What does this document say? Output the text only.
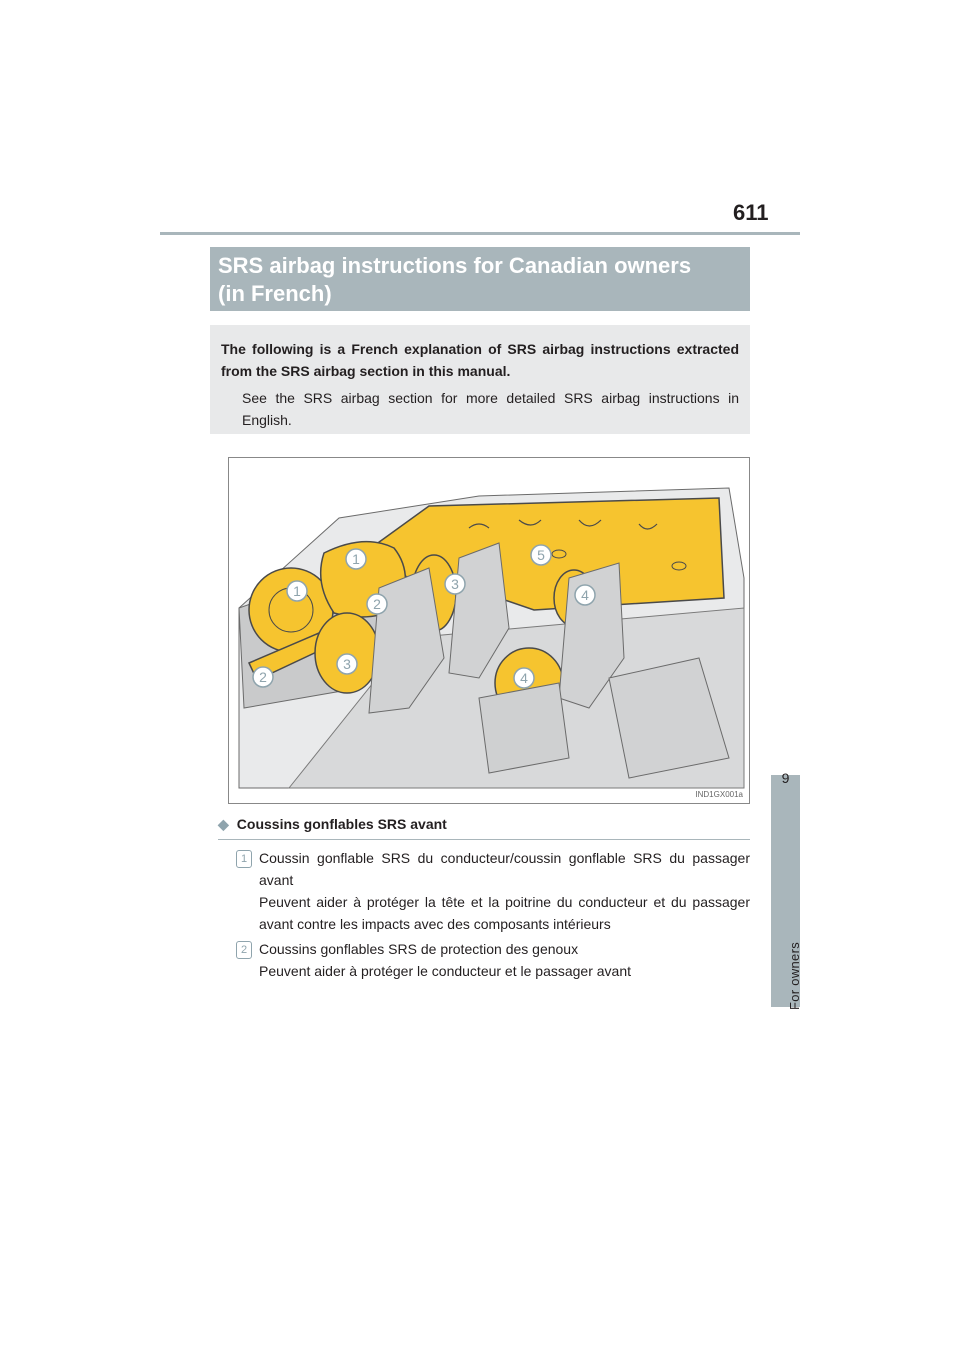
611
9
For owners
SRS airbag instructions for Canadian owners
(in French)
The following is a French explanation of SRS airbag instructions extracted from the SRS airbag section in this manual.
See the SRS airbag section for more detailed SRS airbag instructions in English.
1
1
2
2
3
3
4
4
5
IND1GX001a
◆ Coussins gonflables SRS avant
1 Coussin gonflable SRS du conducteur/coussin gonflable SRS du passager avant
Peuvent aider à protéger la tête et la poitrine du conducteur et du passager avant contre les impacts avec des composants intérieurs
2 Coussins gonflables SRS de protection des genoux
Peuvent aider à protéger le conducteur et le passager avant
